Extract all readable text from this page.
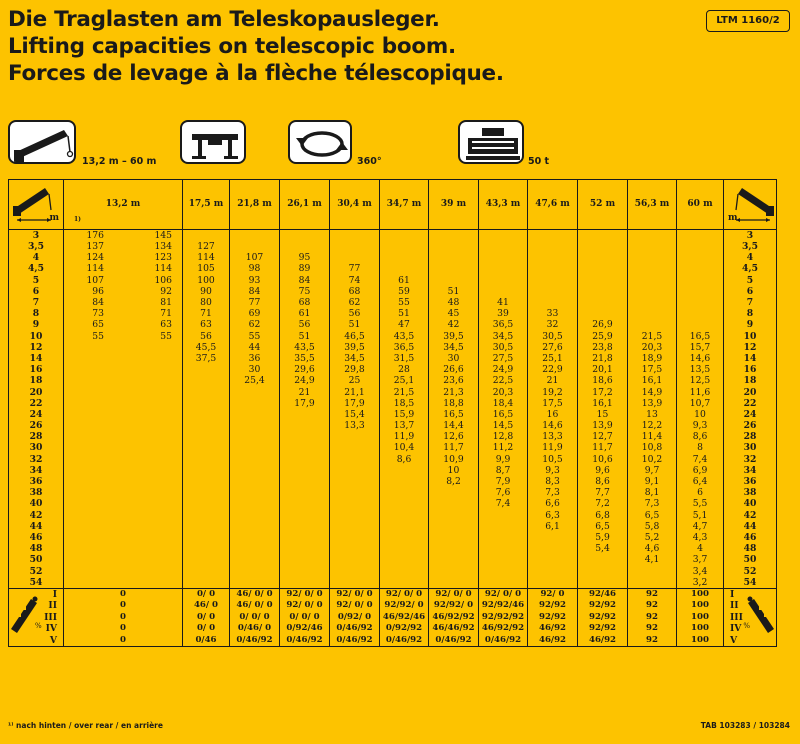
Die Traglasten am Teleskopausleger.
Lifting capacities on telescopic boom.
Forces de levage à la flèche télescopique.
LTM 1160/2
13,2 m – 60 m	360°	50 t
m	13,2 m
1)	17,5 m	21,8 m	26,1 m	30,4 m	34,7 m	39 m	43,3 m	47,6 m	52 m	56,3 m	60 m	m

3	176 145												3
3,5	137 134	127											3,5
4	124 123	114	107	95									4
4,5	114 114	105	98	89	77								4,5
5	107 106	100	93	84	74	61							5
6	96 92	90	84	75	68	59	51						6
7	84 81	80	77	68	62	55	48	41					7
8	73 71	71	69	61	56	51	45	39	33				8
9	65 63	63	62	56	51	47	42	36,5	32	26,9			9
10	55 55	56	55	51	46,5	43,5	39,5	34,5	30,5	25,9	21,5	16,5	10
12		45,5	44	43,5	39,5	36,5	34,5	30,5	27,6	23,8	20,3	15,7	12
14		37,5	36	35,5	34,5	31,5	30	27,5	25,1	21,8	18,9	14,6	14
16			30	29,6	29,8	28	26,6	24,9	22,9	20,1	17,5	13,5	16
18			25,4	24,9	25	25,1	23,6	22,5	21	18,6	16,1	12,5	18
20				21	21,1	21,5	21,3	20,3	19,2	17,2	14,9	11,6	20
22				17,9	17,9	18,5	18,8	18,4	17,5	16,1	13,9	10,7	22
24					15,4	15,9	16,5	16,5	16	15	13	10	24
26					13,3	13,7	14,4	14,5	14,6	13,9	12,2	9,3	26
28						11,9	12,6	12,8	13,3	12,7	11,4	8,6	28
30						10,4	11,7	11,2	11,9	11,7	10,8	8	30
32						8,6	10,9	9,9	10,5	10,6	10,2	7,4	32
34							10	8,7	9,3	9,6	9,7	6,9	34
36							8,2	7,9	8,3	8,6	9,1	6,4	36
38								7,6	7,3	7,7	8,1	6	38
40								7,4	6,6	7,2	7,3	5,5	40
42									6,3	6,8	6,5	5,1	42
44									6,1	6,5	5,8	4,7	44
46										5,9	5,2	4,3	46
48										5,4	4,6	4	48
50											4,1	3,7	50
52												3,4	52
54												3,2	54
I	0	0/ 0	46/ 0/ 0	92/ 0/ 0	92/ 0/ 0	92/ 0/ 0	92/ 0/ 0	92/ 0/ 0	92/ 0	92/46	92	100	I
II	0	46/ 0	46/ 0/ 0	92/ 0/ 0	92/ 0/ 0	92/92/ 0	92/92/ 0	92/92/46	92/92	92/92	92	100	II
III
%	0	0/ 0	0/ 0/ 0	0/ 0/ 0	0/92/ 0	46/92/46	46/92/92	92/92/92	92/92	92/92	92	100	III
%

IV	0	0/ 0	0/46/ 0	0/92/46	0/46/92	0/92/92	46/46/92	46/92/92	46/92	92/92	92	100	IV
V	0	0/46	0/46/92	0/46/92	0/46/92	0/46/92	0/46/92	0/46/92	46/92	46/92	92	100	V
¹⁾ nach hinten / over rear / en arrière	TAB 103283 / 103284
